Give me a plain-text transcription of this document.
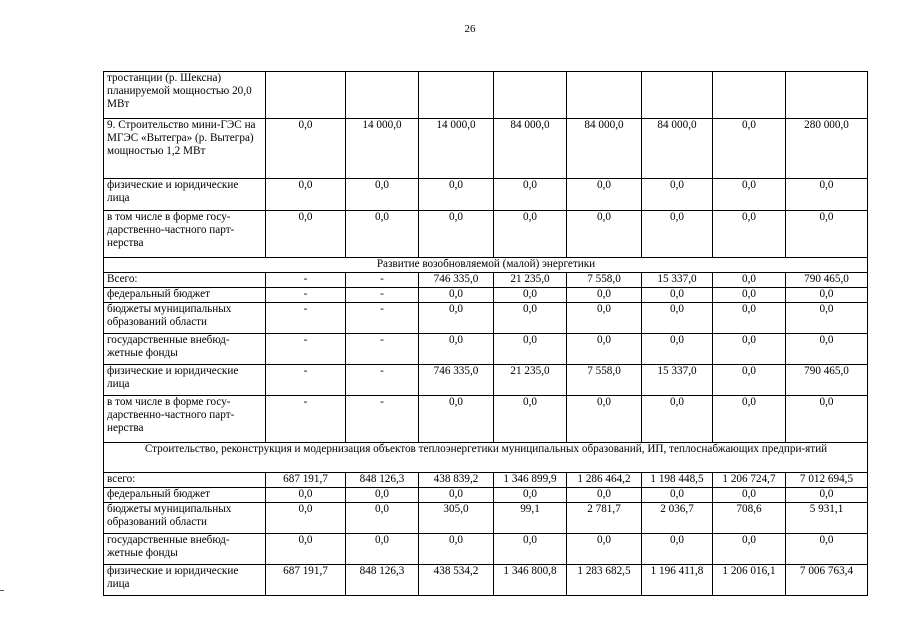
26
тростанции (р. Шексна) планируемой мощностью 20,0 МВт								
9. Строительство мини-ГЭС на МГЭС «Вытегра» (р. Вытегра) мощностью 1,2 МВт	0,0	14 000,0	14 000,0	84 000,0	84 000,0	84 000,0	0,0	280 000,0
физические и юридические лица	0,0	0,0	0,0	0,0	0,0	0,0	0,0	0,0
в том числе в форме госу-дарственно-частного парт-нерства	0,0	0,0	0,0	0,0	0,0	0,0	0,0	0,0
Развитие возобновляемой (малой) энергетики								
Всего:	-	-	746 335,0	21 235,0	7 558,0	15 337,0	0,0	790 465,0
федеральный бюджет	-	-	0,0	0,0	0,0	0,0	0,0	0,0
бюджеты муниципальных образований области	-	-	0,0	0,0	0,0	0,0	0,0	0,0
государственные внебюд-жетные фонды	-	-	0,0	0,0	0,0	0,0	0,0	0,0
физические и юридические лица	-	-	746 335,0	21 235,0	7 558,0	15 337,0	0,0	790 465,0
в том числе в форме госу-дарственно-частного парт-нерства	-	-	0,0	0,0	0,0	0,0	0,0	0,0
Строительство, реконструкция и модернизация объектов теплоэнергетики муниципальных образований, ИП, теплоснабжающих предпри-ятий								
всего:	687 191,7	848 126,3	438 839,2	1 346 899,9	1 286 464,2	1 198 448,5	1 206 724,7	7 012 694,5
федеральный бюджет	0,0	0,0	0,0	0,0	0,0	0,0	0,0	0,0
бюджеты муниципальных образований области	0,0	0,0	305,0	99,1	2 781,7	2 036,7	708,6	5 931,1
государственные внебюд-жетные фонды	0,0	0,0	0,0	0,0	0,0	0,0	0,0	0,0
физические и юридические лица	687 191,7	848 126,3	438 534,2	1 346 800,8	1 283 682,5	1 196 411,8	1 206 016,1	7 006 763,4
